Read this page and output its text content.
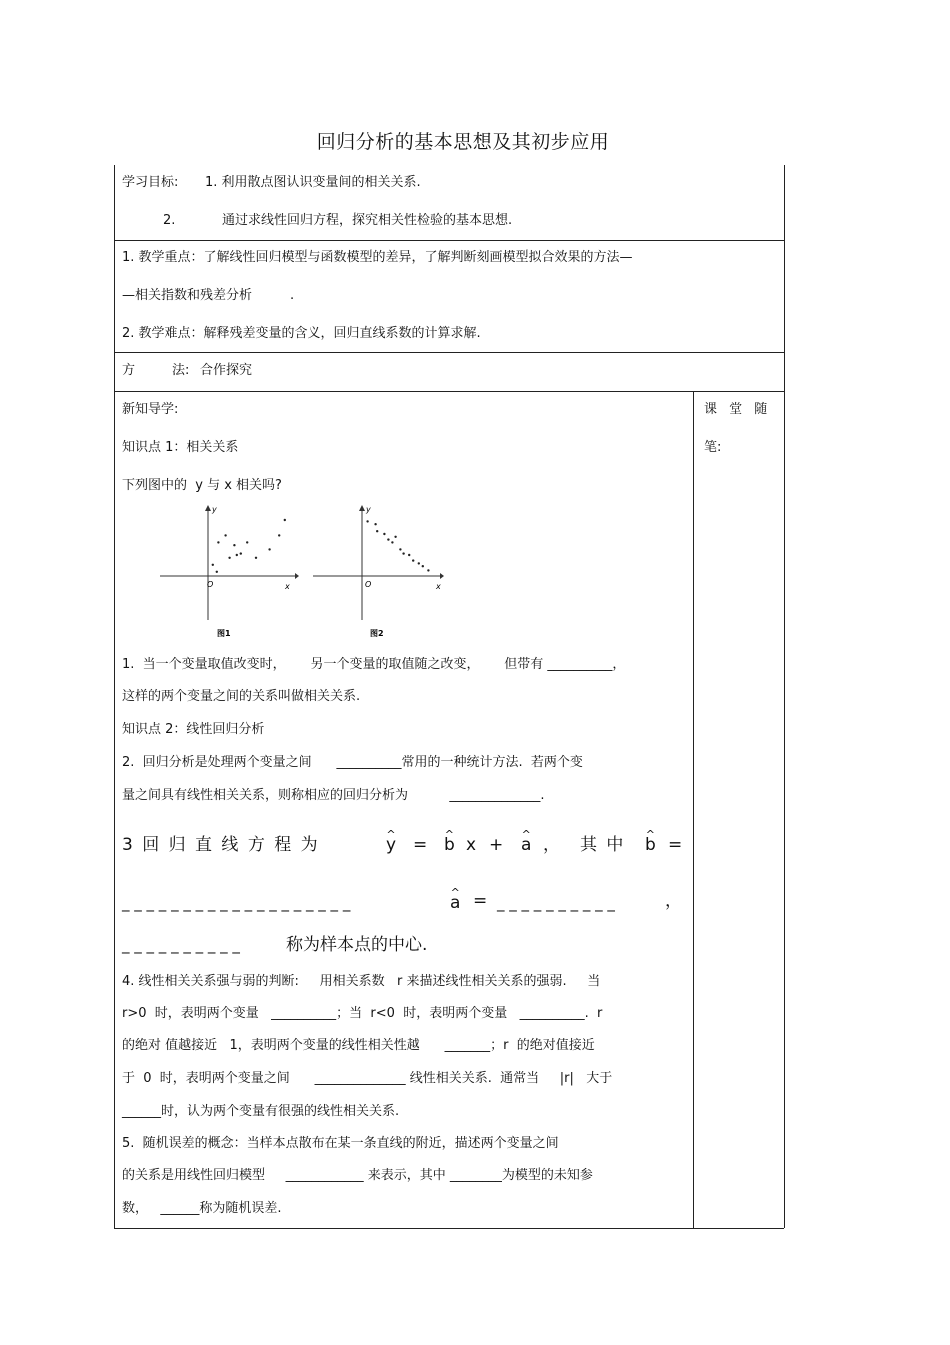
回归分析的基本思想及其初步应用
学习目标: 1. 利用散点图认识变量间的相关关系.
2.	通过求线性回归方程，探究相关性检验的基本思想.
1. 教学重点：了解线性回归模型与函数模型的差异，了解判断刻画模型拟合效果的方法—
—相关指数和残差分析	.
2. 教学难点：解释残差变量的含义，回归直线系数的计算求解.
方	法: 合作探究
课 堂 随
笔:
新知导学:
知识点 1：相关关系
下列图中的  y 与 x 相关吗?
y
x
O
图1
y
x
O
图2
1.  当一个变量取值改变时，      另一个变量的取值随之改变，      但带有 __________，
这样的两个变量之间的关系叫做相关关系.
知识点 2：线性回归分析
2.  回归分析是处理两个变量之间      __________常用的一种统计方法.  若两个变
量之间具有线性相关关系，则称相应的回归分析为          ______________.
3 回 归 直 线 方 程 为	^ y = ^ b x + ^ a ， 其 中 ^ b =
_ _ _ _ _ _ _ _ _ _ _ _ _ _ _ _ _ _ _	^ a = _ _ _ _ _ _ _ _ _ _	，
_ _ _ _ _ _ _ _ _ _	称为样本点的中心.
4. 线性相关关系强与弱的判断:     用相关系数   r 来描述线性相关关系的强弱.     当
r>0  时，表明两个变量   __________；当  r<0  时，表明两个变量   __________.  r
的绝对 值越接近   1，表明两个变量的线性相关性越      _______；r  的绝对值接近
于  0  时，表明两个变量之间      ______________ 线性相关关系.  通常当     |r|   大于
______时，认为两个变量有很强的线性相关关系.
5.  随机误差的概念：当样本点散布在某一条直线的附近，描述两个变量之间
的关系是用线性回归模型     ____________ 来表示，其中 ________为模型的未知参
数，   ______称为随机误差.
